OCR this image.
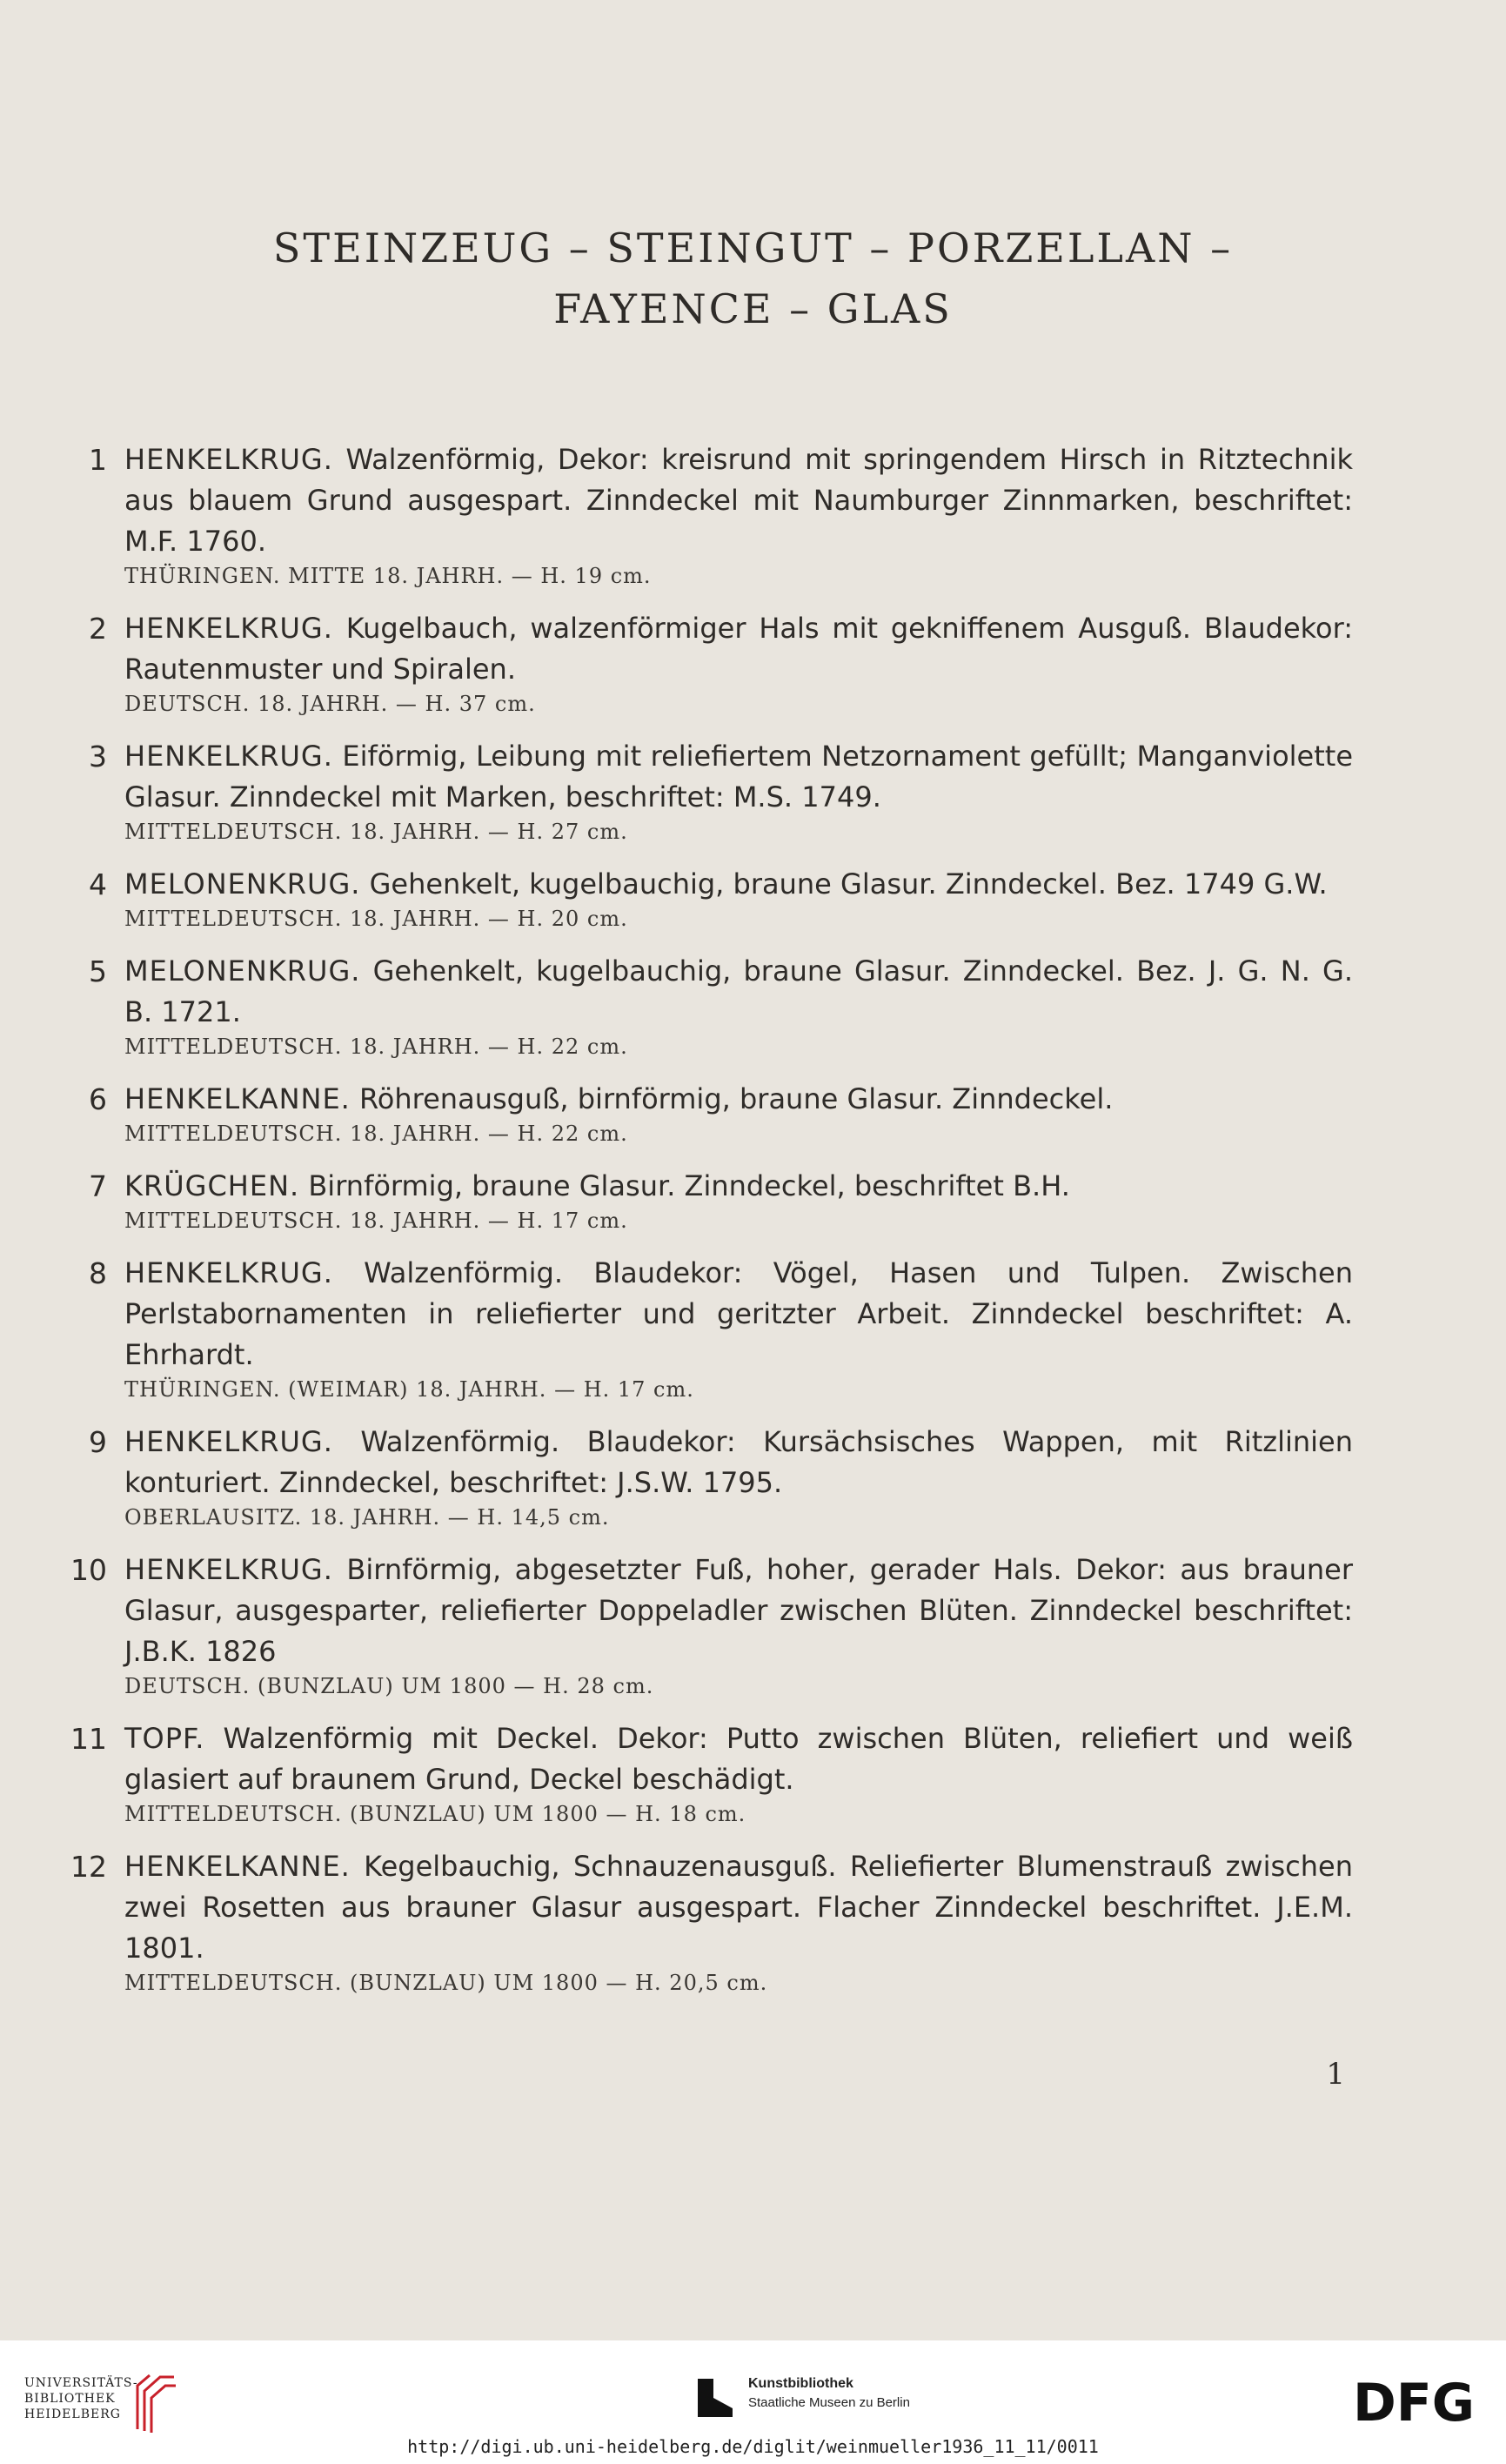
STEINZEUG – STEINGUT – PORZELLAN –
FAYENCE – GLAS
1 HENKELKRUG. Walzenförmig, Dekor: kreisrund mit springendem Hirsch in Ritztechnik aus blauem Grund ausgespart. Zinndeckel mit Naumburger Zinnmarken, beschriftet: M.F. 1760.
THÜRINGEN. MITTE 18. JAHRH. — H. 19 cm.
2 HENKELKRUG. Kugelbauch, walzenförmiger Hals mit gekniffenem Ausguß. Blaudekor: Rautenmuster und Spiralen.
DEUTSCH. 18. JAHRH. — H. 37 cm.
3 HENKELKRUG. Eiförmig, Leibung mit reliefiertem Netzornament gefüllt; Manganviolette Glasur. Zinndeckel mit Marken, beschriftet: M.S. 1749.
MITTELDEUTSCH. 18. JAHRH. — H. 27 cm.
4 MELONENKRUG. Gehenkelt, kugelbauchig, braune Glasur. Zinndeckel. Bez. 1749 G.W.
MITTELDEUTSCH. 18. JAHRH. — H. 20 cm.
5 MELONENKRUG. Gehenkelt, kugelbauchig, braune Glasur. Zinndeckel. Bez. J. G. N. G. B. 1721.
MITTELDEUTSCH. 18. JAHRH. — H. 22 cm.
6 HENKELKANNE. Röhrenausguß, birnförmig, braune Glasur. Zinndeckel.
MITTELDEUTSCH. 18. JAHRH. — H. 22 cm.
7 KRÜGCHEN. Birnförmig, braune Glasur. Zinndeckel, beschriftet B.H.
MITTELDEUTSCH. 18. JAHRH. — H. 17 cm.
8 HENKELKRUG. Walzenförmig. Blaudekor: Vögel, Hasen und Tulpen. Zwischen Perlstabornamenten in reliefierter und geritzter Arbeit. Zinndeckel beschriftet: A. Ehrhardt.
THÜRINGEN. (WEIMAR) 18. JAHRH. — H. 17 cm.
9 HENKELKRUG. Walzenförmig. Blaudekor: Kursächsisches Wappen, mit Ritzlinien konturiert. Zinndeckel, beschriftet: J.S.W. 1795.
OBERLAUSITZ. 18. JAHRH. — H. 14,5 cm.
10 HENKELKRUG. Birnförmig, abgesetzter Fuß, hoher, gerader Hals. Dekor: aus brauner Glasur, ausgesparter, reliefierter Doppeladler zwischen Blüten. Zinndeckel beschriftet: J.B.K. 1826
DEUTSCH. (BUNZLAU) UM 1800 — H. 28 cm.
11 TOPF. Walzenförmig mit Deckel. Dekor: Putto zwischen Blüten, reliefiert und weiß glasiert auf braunem Grund, Deckel beschädigt.
MITTELDEUTSCH. (BUNZLAU) UM 1800 — H. 18 cm.
12 HENKELKANNE. Kegelbauchig, Schnauzenausguß. Reliefierter Blumenstrauß zwischen zwei Rosetten aus brauner Glasur ausgespart. Flacher Zinndeckel beschriftet. J.E.M. 1801.
MITTELDEUTSCH. (BUNZLAU) UM 1800 — H. 20,5 cm.
1
UNIVERSITÄTS-
BIBLIOTHEK
HEIDELBERG
Kunstbibliothek
Staatliche Museen zu Berlin	DFG
http://digi.ub.uni-heidelberg.de/diglit/weinmueller1936_11_11/0011
